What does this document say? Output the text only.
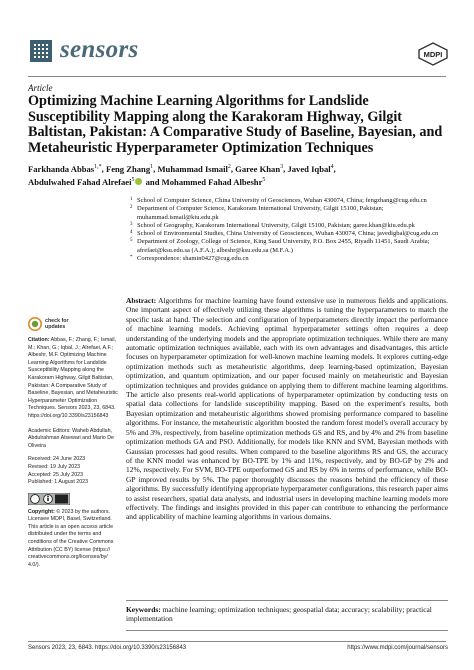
sensors	MDPI
Article
Optimizing Machine Learning Algorithms for Landslide Susceptibility Mapping along the Karakoram Highway, Gilgit Baltistan, Pakistan: A Comparative Study of Baseline, Bayesian, and Metaheuristic Hyperparameter Optimization Techniques
Farkhanda Abbas$^{1,*}$, Feng Zhang$^1$, Muhammad Ismail$^2$, Garee Khan$^3$, Javed Iqbal$^4$,
Abdulwahed Fahad Alrefaei$^5$ and Mohammed Fahad Albeshr$^5$
1 School of Computer Science, China University of Geosciences, Wuhan 430074, China; fengzhang@cug.edu.cn
2 Department of Computer Science, Karakoram International University, Gilgit 15100, Pakistan; muhammad.ismail@kiu.edu.pk
3 School of Geography, Karakoram International University, Gilgit 15100, Pakistan; garee.khan@kiu.edu.pk
4 School of Environmental Studies, China University of Geosciences, Wuhan 430074, China; javedigbal@cug.edu.cn
5 Department of Zoology, College of Science, King Saud University, P.O. Box 2455, Riyadh 11451, Saudi Arabia; afrefaei@ksu.edu.sa (A.F.A.); albeshr@ksu.edu.sa (M.F.A.)
* Correspondence: shamin0427@cug.edu.cn
check for
updates
Citation: Abbas, F.; Zhang, F.; Ismail, M.; Khan, G.; Iqbal, J.; Alrefaei, A.F.; Albeshr, M.F. Optimizing Machine Learning Algorithms for Landslide Susceptibility Mapping along the Karakoram Highway, Gilgit Baltistan, Pakistan: A Comparative Study of Baseline, Bayesian, and Metaheuristic Hyperparameter Optimization Techniques. Sensors 2023, 23, 6843. https://doi.org/10.3390/s23156843
Academic Editors: Waheb Abdullah, Abdulrahman Alsewari and Mario De Oliveira
Received: 24 June 2023
Revised: 19 July 2023
Accepted: 25 July 2023
Published: 1 August 2023
Copyright: © 2023 by the authors. Licensee MDPI, Basel, Switzerland. This article is an open access article distributed under the terms and conditions of the Creative Commons Attribution (CC BY) license (https:// creativecommons.org/licenses/by/ 4.0/).
Abstract: Algorithms for machine learning have found extensive use in numerous fields and applications. One important aspect of effectively utilizing these algorithms is tuning the hyperparameters to match the specific task at hand. The selection and configuration of hyperparameters directly impact the performance of machine learning models. Achieving optimal hyperparameter settings often requires a deep understanding of the underlying models and the appropriate optimization techniques. While there are many automatic optimization techniques available, each with its own advantages and disadvantages, this article focuses on hyperparameter optimization for well-known machine learning models. It explores cutting-edge optimization methods such as metaheuristic algorithms, deep learning-based optimization, Bayesian optimization, and quantum optimization, and our paper focused mainly on metaheuristic and Bayesian optimization techniques and provides guidance on applying them to different machine learning algorithms. The article also presents real-world applications of hyperparameter optimization by conducting tests on spatial data collections for landslide susceptibility mapping. Based on the experiment's results, both Bayesian optimization and metaheuristic algorithms showed promising performance compared to baseline algorithms. For instance, the metaheuristic algorithm boosted the random forest model's overall accuracy by 5% and 3%, respectively, from baseline optimization methods GS and RS, and by 4% and 2% from baseline optimization methods GA and PSO. Additionally, for models like KNN and SVM, Bayesian methods with Gaussian processes had good results. When compared to the baseline algorithms RS and GS, the accuracy of the KNN model was enhanced by BO-TPE by 1% and 11%, respectively, and by BO-GP by 2% and 12%, respectively. For SVM, BO-TPE outperformed GS and RS by 6% in terms of performance, while BO-GP improved results by 5%. The paper thoroughly discusses the reasons behind the efficiency of these algorithms. By successfully identifying appropriate hyperparameter configurations, this research paper aims to assist researchers, spatial data analysts, and industrial users in developing machine learning models more effectively. The findings and insights provided in this paper can contribute to enhancing the performance and applicability of machine learning algorithms in various domains.
Keywords: machine learning; optimization techniques; geospatial data; accuracy; scalability; practical implementation
Sensors 2023, 23, 6843. https://doi.org/10.3390/s23156843	https://www.mdpi.com/journal/sensors
